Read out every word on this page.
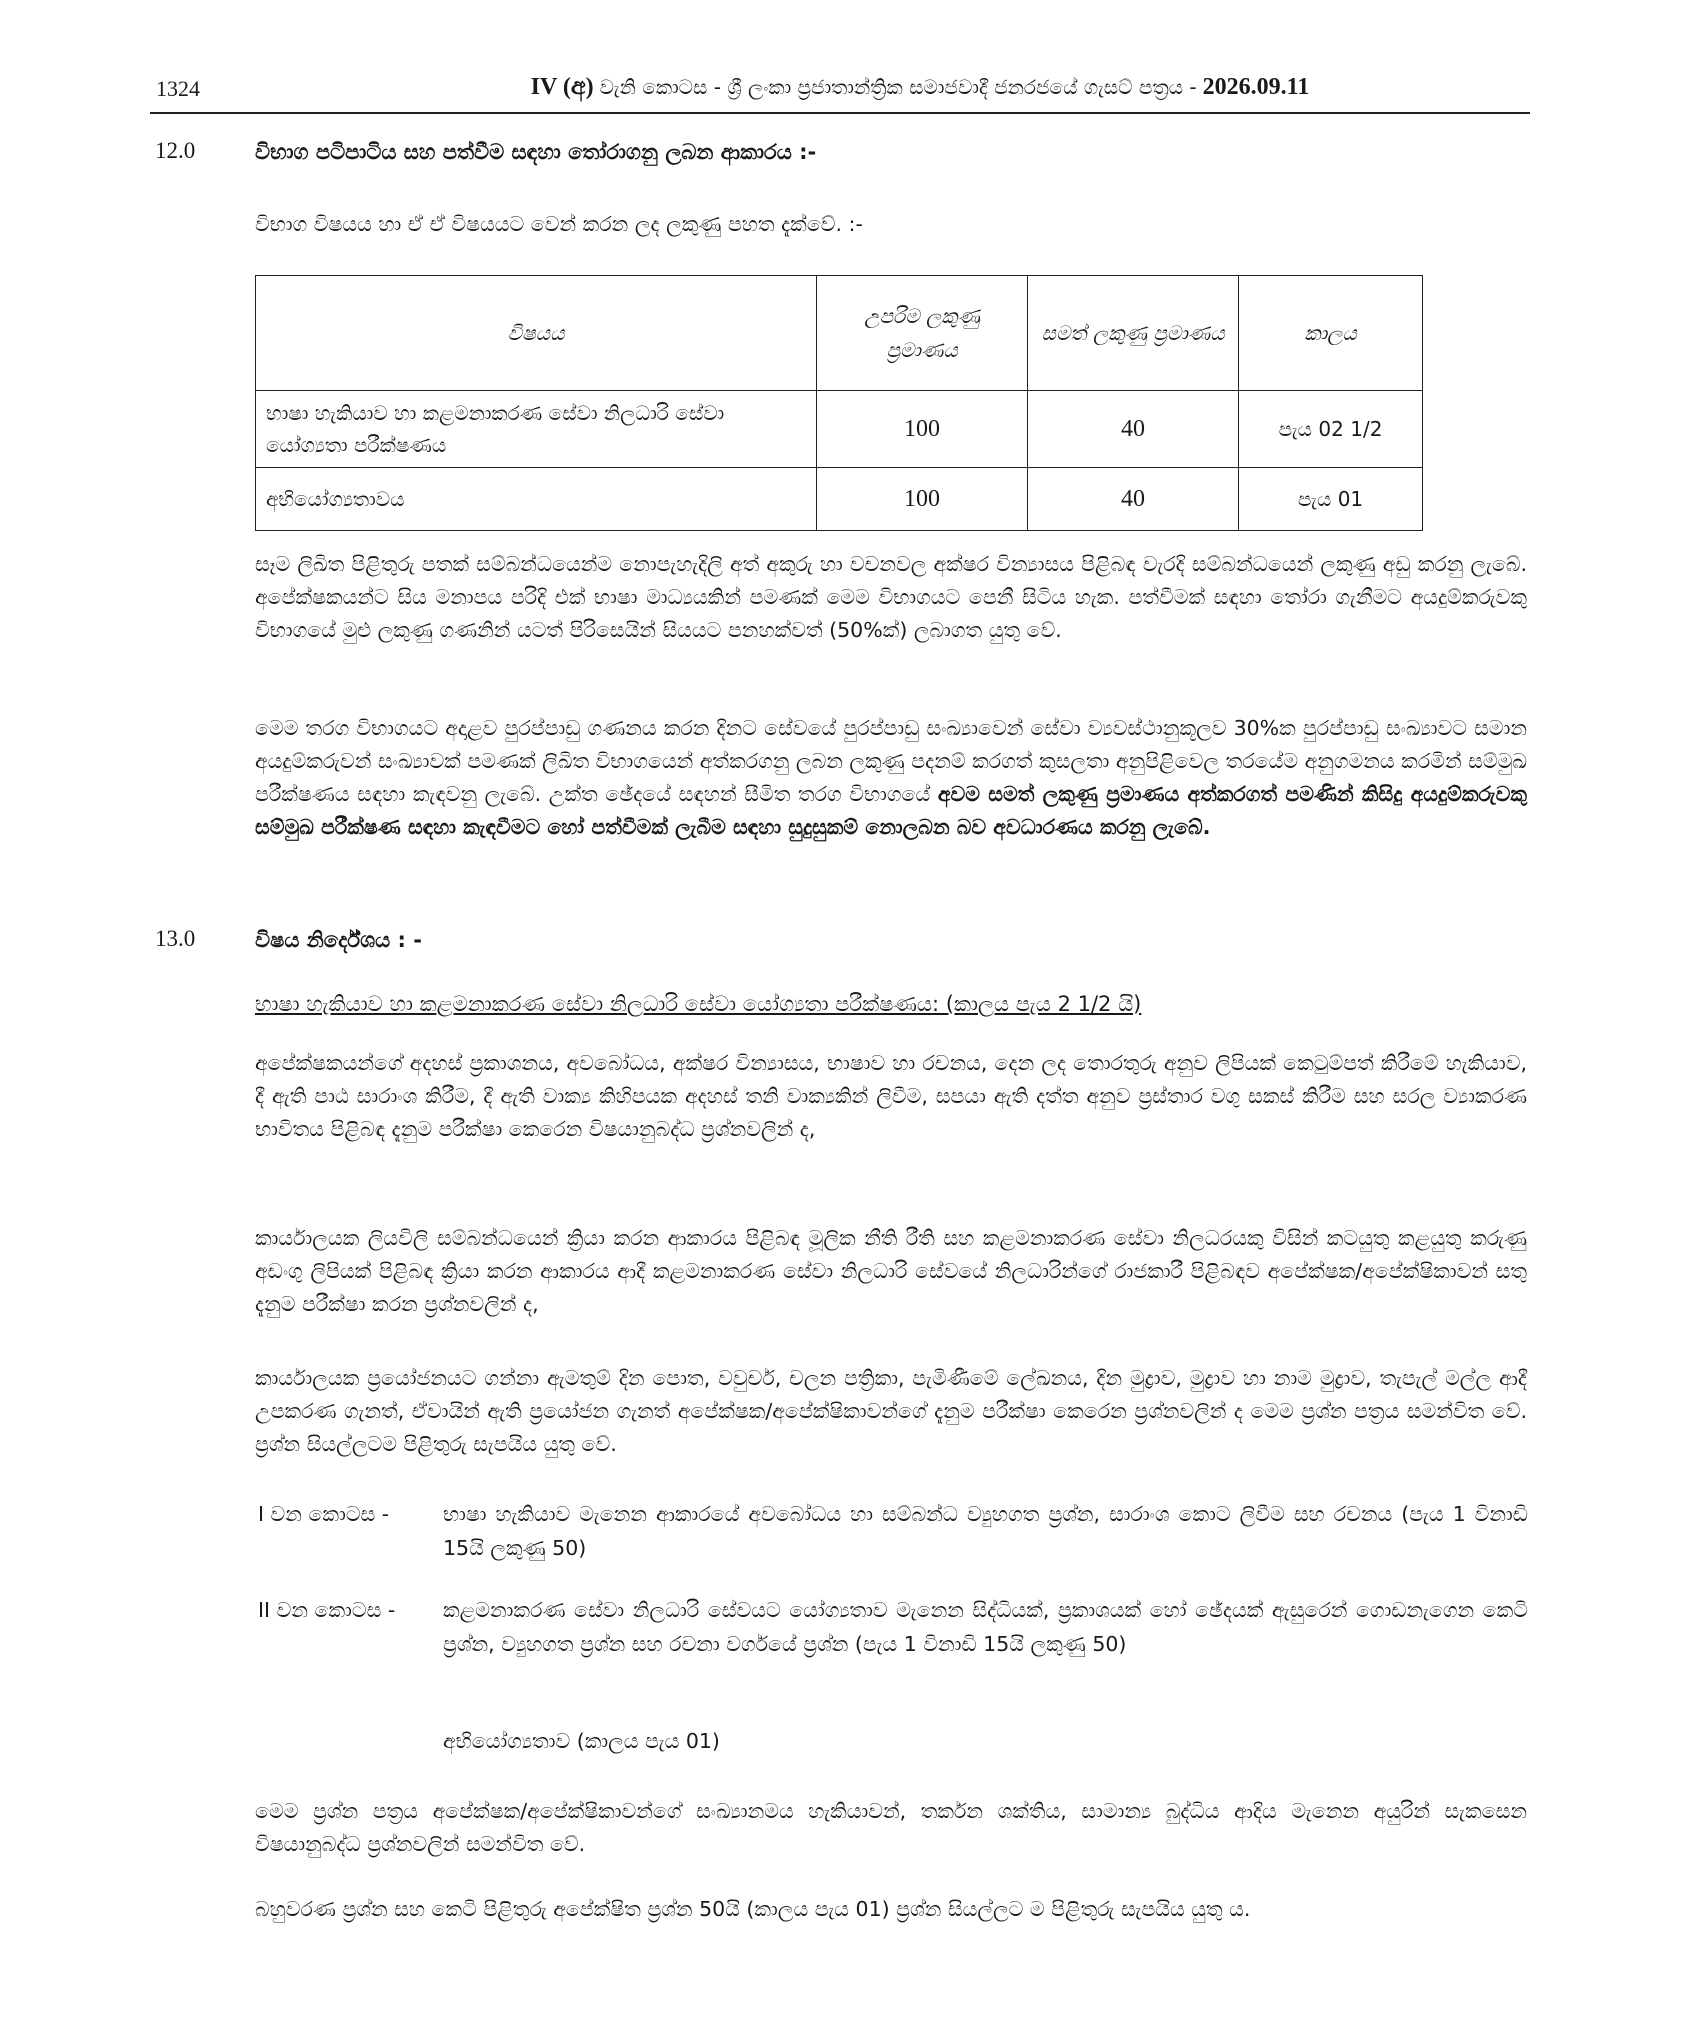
1324	IV (අ) වැනි කොටස - ශ්‍රී ලංකා ප්‍රජාතාන්ත්‍රික සමාජවාදී ජනරජයේ ගැසට් පත්‍රය - 2026.09.11
12.0	විභාග පටිපාටිය සහ පත්වීම සඳහා තෝරාගනු ලබන ආකාරය :-

විභාග විෂයය හා ඒ ඒ විෂයයට වෙන් කරන ලද ලකුණු පහත දැක්වේ. :-

විෂයය	උපරිම ලකුණු ප්‍රමාණය	සමත් ලකුණු ප්‍රමාණය	කාලය
භාෂා හැකියාව හා කළමනාකරණ සේවා නිලධාරි සේවා යෝග්‍යතා පරීක්ෂණය	100	40	පැය 02 1/2
අභියෝග්‍යතාවය	100	40	පැය 01

සෑම ලිඛිත පිළිතුරු පතක් සම්බන්ධයෙන්ම නොපැහැදිලි අත් අකුරු හා වචනවල අක්ෂර වින්‍යාසය පිළිබඳ වැරදි සම්බන්ධයෙන් ලකුණු අඩු කරනු ලැබේ. අපේක්ෂකයන්ට සිය මනාපය පරිදි එක් භාෂා මාධ්‍යයකින් පමණක් මෙම විභාගයට පෙනී සිටිය හැක. පත්වීමක් සඳහා තෝරා ගැනීමට අයදුම්කරුවකු විභාගයේ මුළු ලකුණු ගණනින් යටත් පිරිසෙයින් සියයට පනහක්වත් (50%ක්) ලබාගත යුතු වේ.

මෙම තරග විභාගයට අදාළව පුරප්පාඩු ගණනය කරන දිනට සේවයේ පුරප්පාඩු සංඛ්‍යාවෙන් සේවා ව්‍යවස්ථානුකූලව 30%ක පුරප්පාඩු සංඛ්‍යාවට සමාන අයදුම්කරුවන් සංඛ්‍යාවක් පමණක් ලිඛිත විභාගයෙන් අත්කරගනු ලබන ලකුණු පදනම් කරගත් කුසලතා අනුපිළිවෙල තරයේම අනුගමනය කරමින් සම්මුඛ පරීක්ෂණය සඳහා කැඳවනු ලැබේ. උක්ත ඡේදයේ සඳහන් සීමිත තරග විභාගයේ අවම සමත් ලකුණු ප්‍රමාණය අත්කරගත් පමණින් කිසිදු අයදුම්කරුවකු සම්මුඛ පරීක්ෂණ සඳහා කැඳවීමට හෝ පත්වීමක් ලැබීම සඳහා සුදුසුකම් නොලබන බව අවධාරණය කරනු ලැබේ.

13.0	විෂය නිර්දේශය : -
භාෂා හැකියාව හා කළමනාකරණ සේවා නිලධාරි සේවා යෝග්‍යතා පරීක්ෂණය: (කාලය පැය 2 1/2 යි)

අපේක්ෂකයන්ගේ අදහස් ප්‍රකාශනය, අවබෝධය, අක්ෂර වින්‍යාසය, භාෂාව හා රචනය, දෙන ලද තොරතුරු අනුව ලිපියක් කෙටුම්පත් කිරීමේ හැකියාව, දී ඇති පාඨ සාරාංශ කිරීම, දී ඇති වාක්‍ය කිහිපයක අදහස් තනි වාක්‍යකින් ලිවීම, සපයා ඇති දත්ත අනුව ප්‍රස්තාර වගු සකස් කිරීම සහ සරල ව්‍යාකරණ භාවිතය පිළිබඳ දැනුම පරීක්ෂා කෙරෙන විෂයානුබද්ධ ප්‍රශ්නවලින් ද,

කාර්යාලයක ලියවිලි සම්බන්ධයෙන් ක්‍රියා කරන ආකාරය පිළිබඳ මූලික නීති රීති සහ කළමනාකරණ සේවා නිලධරයකු විසින් කටයුතු කළයුතු කරුණු අඩංගු ලිපියක් පිළිබඳ ක්‍රියා කරන ආකාරය ආදී කළමනාකරණ සේවා නිලධාරි සේවයේ නිලධාරින්ගේ රාජකාරී පිළිබඳව අපේක්ෂක/අපේක්ෂිකාවන් සතු දැනුම පරීක්ෂා කරන ප්‍රශ්නවලින් ද,

කාර්යාලයක ප්‍රයෝජනයට ගන්නා ඇමතුම් දින පොත, වවුචර්, චලන පත්‍රිකා, පැමිණීමේ ලේඛනය, දින මුද්‍රාව, මුද්‍රාව හා නාම මුද්‍රාව, තැපැල් මල්ල ආදී උපකරණ ගැනත්, ඒවායින් ඇති ප්‍රයෝජන ගැනත් අපේක්ෂක/අපේක්ෂිකාවන්ගේ දැනුම පරීක්ෂා කෙරෙන ප්‍රශ්නවලින් ද මෙම ප්‍රශ්න පත්‍රය සමන්විත වේ. ප්‍රශ්න සියල්ලටම පිළිතුරු සැපයිය යුතු වේ.

I වන කොටස -	භාෂා හැකියාව මැනෙන ආකාරයේ අවබෝධය හා සම්බන්ධ ව්‍යුහගත ප්‍රශ්න, සාරාංශ කොට ලිවීම සහ රචනය (පැය 1 විනාඩි 15යි ලකුණු 50)

II වන කොටස - කළමනාකරණ සේවා නිලධාරි සේවයට යෝග්‍යතාව මැනෙන සිද්ධියක්, ප්‍රකාශයක් හෝ ඡේදයක් ඇසුරෙන් ගොඩනැගෙන කෙටි ප්‍රශ්න, ව්‍යුහගත ප්‍රශ්න සහ රචනා වර්ගයේ ප්‍රශ්න (පැය 1 විනාඩි 15යි ලකුණු 50)

අභියෝග්‍යතාව (කාලය පැය 01)

මෙම ප්‍රශ්න පත්‍රය අපේක්ෂක/අපේක්ෂිකාවන්ගේ සංඛ්‍යානමය හැකියාවන්, තර්කන ශක්තිය, සාමාන්‍ය බුද්ධිය ආදිය මැනෙන අයුරින් සැකසෙන විෂයානුබද්ධ ප්‍රශ්නවලින් සමන්විත වේ.

බහුවරණ ප්‍රශ්න සහ කෙටි පිළිතුරු අපේක්ෂිත ප්‍රශ්න 50යි (කාලය පැය 01) ප්‍රශ්න සියල්ලට ම පිළිතුරු සැපයිය යුතු ය.
